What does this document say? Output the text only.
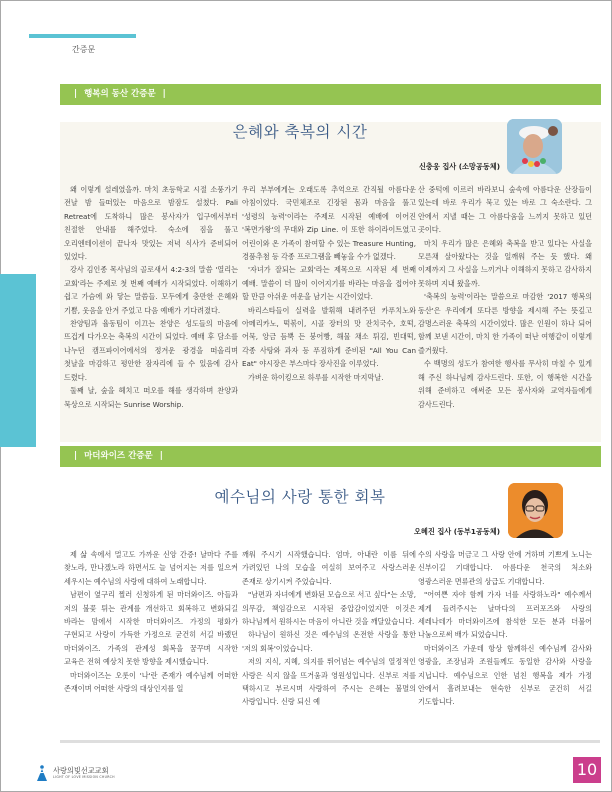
간증문
MAY. 2017 LOLMC TIMES | www.lolmc.org
| 행복의 동산 간증문 |
은혜와 축복의 시간
신충웅 집사 (소망공동체)

왜 이렇게 설레였을까. 마치 초등학교 시절 소풍가기 전날 밤 들떠있는 마음으로 밤잠도 설쳤다. Pali Retreat에 도착하니 많은 봉사자가 입구에서부터 친절한 안내를 해주었다. 숙소에 짐을 풀고 오리엔테이션이 끝나자 맛있는 저녁 식사가 준비되어 있었다.

강사 김인종 목사님의 골로새서 4:2-3의 말씀 '열리는 교회'라는 주제로 첫 번째 예배가 시작되었다. 이해하기 쉽고 가슴에 와 닿는 말씀들. 모두에게 충만한 은혜와 기쁨, 웃음을 안겨 주었고 다음 예배가 기다려졌다.

찬양팀과 율동팀이 이끄는 찬양은 성도들의 마음에 뜨겁게 다가오는 축복의 시간이 되었다. 예배 후 담소를 나누던 캠프파이어에서의 정겨운 광경을 떠올리며 첫날을 마감하고 평안한 잠자리에 들 수 있음에 감사 드렸다.

둘째 날, 숲을 헤치고 떠오를 해를 생각하며 찬양과 묵상으로 시작되는 Sunrise Worship.

우리 부부에게는 오래도록 추억으로 간직될 아름다운 아침이었다. 국민체조로 긴장된 몸과 마음을 풀고 '성령의 능력'이라는 주제로 시작된 예배에 이어진 '복면가왕'의 무대와 Zip Line. 이 또한 하이라이트였고 어린이와 온 가족이 참여할 수 있는 Treasure Hunting, 경품추첨 등 각종 프로그램을 빼놓을 수가 없겠다.

'자녀가 잘되는 교회'라는 제목으로 시작된 세 번째 예배. 말씀이 더 많이 이어지기를 바라는 마음을 접어야 할 만큼 아쉬운 여운을 남기는 시간이었다.

바리스타들이 실력을 발휘해 내려주던 카푸치노와 아메리카노, 떡볶이, 시골 장터의 맛 잔치국수, 호떡, 어묵, 앙금 듬뿍 든 붕어빵, 해물 채소 튀김, 빈대떡, 각종 사탕와 과자 등 푸짐하게 준비된 "All You Can Eat" 야시장은 부스마다 장사진을 이루었다.

가벼운 하이킹으로 하루를 시작한 마지막날.

산 중턱에 이르러 바라보니 숲속에 아름다운 산장들이 있는데 바로 우리가 묵고 있는 바로 그 숙소란다. 그 안에서 지낼 때는 그 아름다움을 느끼지 못하고 있던 곳이다.

마치 우리가 많은 은혜와 축복을 받고 있다는 사실을 모른채 살아왔다는 것을 일깨워 주는 듯 했다. 왜 이제까지 그 사실을 느끼거나 이해하지 못하고 감사하지 못하며 지내 왔을까.

'축복의 능력'이라는 말씀으로 마감한 '2017 행복의 동산'은 우리에게 또다른 방향을 제시해 주는 뜻깊고 감명스러운 축복의 시간이었다. 많은 인원이 하나 되어 함께 보낸 시간이, 마치 한 가족이 떠난 여행같이 이렇게 즐거웠다.

수 백명의 성도가 참여한 행사를 무사히 마칠 수 있게 해 주신 하나님께 감사드린다. 또한, 이 행복한 시간을 위해 준비하고 애써준 모든 봉사자와 교역자들에게 감사드린다.

| 마더와이즈 간증문 |
예수님의 사랑 통한 회복
오혜진 집사 (동부1공동체)

제 삶 속에서 멀고도 가까운 신앙 간증! 날마다 주를 찾노라, 만나겠노라 하면서도 늘 넘어지는 저를 일으켜 세우시는 예수님의 사랑에 대하여 노래합니다.

남편이 옆구리 찔러 신청하게 된 마더와이즈. 아들과 저의 불꽃 튀는 관계를 개선하고 회복하고 변화되길 바라는 맘에서 시작한 마더와이즈. 가정의 평화가 구현되고 사랑이 가득한 가정으로 굳건히 서길 바랬던 마더와이즈. 가족의 관계성 회복을 꿈꾸며 시작한 교육은 전혀 예상치 못한 방향을 제시했습니다.

마더와이즈는 오롯이 '나'란 존재가 예수님께 어떠한 존재이며 어떠한 사랑의 대상인지를 일

깨워 주시기 시작했습니다. 엄마, 아내란 이름 뒤에 가려있던 나의 모습을 여실히 보여주고 사랑스러운 존재로 상기시켜 주었습니다.

"남편과 자녀에게 변화된 모습으로 서고 싶다"는 소망, 의무감, 책임감으로 시작된 중압감이었지만 이것은 하나님께서 원하시는 마음이 아니란 것을 깨달았습니다.

하나님이 원하신 것은 예수님의 온전한 사랑을 통한 '저의 회복'이었습니다.

저의 지식, 지혜, 의지를 뛰어넘는 예수님의 열정적인 사랑은 식지 않을 뜨거움과 영원성입니다. 신부로 저를 택하시고 부르시며 사랑하여 주시는 은혜는 불멸의 사랑입니다. 신랑 되신 예

수의 사랑을 머금고 그 사랑 안에 거하며 기쁘게 노니는 신부이길 기대합니다. 아름다운 천국의 처소와 영광스러운 면류관의 상급도 기대합니다.

"어여쁜 자야 함께 가자 너를 사랑하노라" 예수께서 제게 들려주시는 날마다의 프러포즈와 사랑의 세레나데가 마더와이즈에 참석한 모든 분과 더불어 나눔으로써 배가 되었습니다.

마더와이즈 가운데 항상 함께하신 예수님께 감사와 영광을, 조장님과 조원들께도 동일한 감사와 사랑을 지닙니다. 예수님으로 인한 넘친 행복을 제가 가정 안에서 흘려보내는 현숙한 신부로 굳건히 서길 기도합니다.

사랑의빛선교교회
LIGHT OF LOVE MISSION CHURCH	10
